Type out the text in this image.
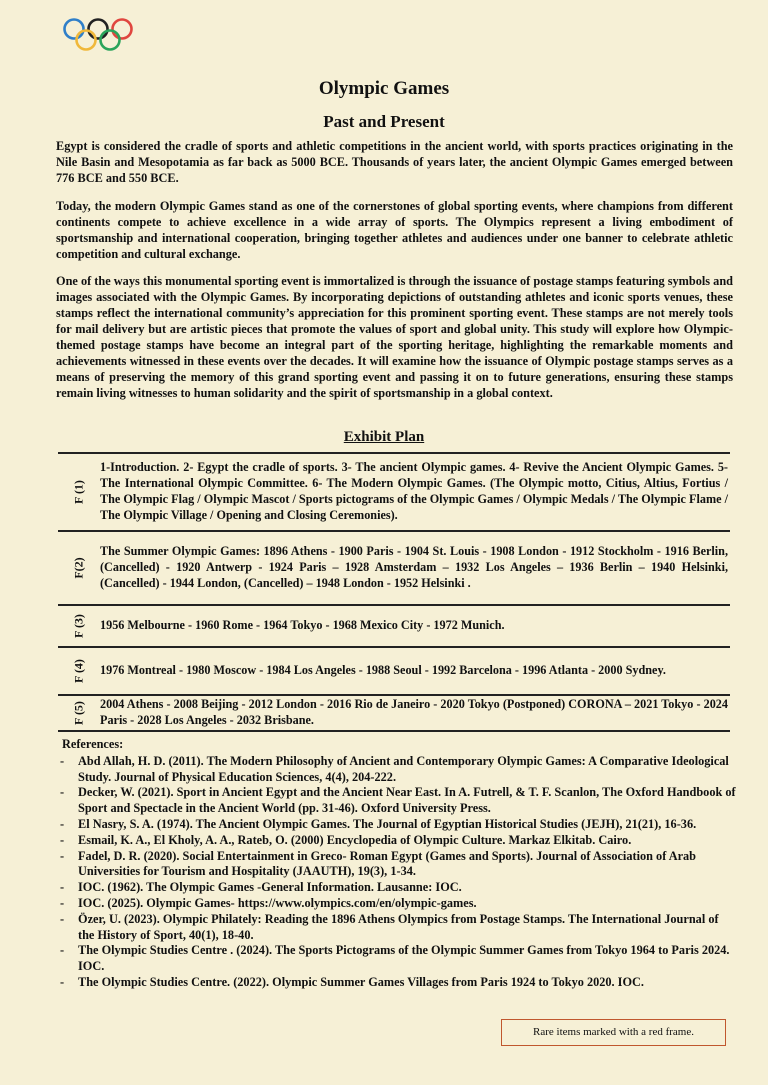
Olympic Games
Past and Present

Egypt is considered the cradle of sports and athletic competitions in the ancient world, with sports practices originating in the Nile Basin and Mesopotamia as far back as 5000 BCE. Thousands of years later, the ancient Olympic Games emerged between 776 BCE and 550 BCE.

Today, the modern Olympic Games stand as one of the cornerstones of global sporting events, where champions from different continents compete to achieve excellence in a wide array of sports. The Olympics represent a living embodiment of sportsmanship and international cooperation, bringing together athletes and audiences under one banner to celebrate athletic competition and cultural exchange.

One of the ways this monumental sporting event is immortalized is through the issuance of postage stamps featuring symbols and images associated with the Olympic Games. By incorporating depictions of outstanding athletes and iconic sports venues, these stamps reflect the international community’s appreciation for this prominent sporting event. These stamps are not merely tools for mail delivery but are artistic pieces that promote the values of sport and global unity. This study will explore how Olympic-themed postage stamps have become an integral part of the sporting heritage, highlighting the remarkable moments and achievements witnessed in these events over the decades. It will examine how the issuance of Olympic postage stamps serves as a means of preserving the memory of this grand sporting event and passing it on to future generations, ensuring these stamps remain living witnesses to human solidarity and the spirit of sportsmanship in a global context.

Exhibit Plan
F (1)
1-Introduction. 2- Egypt the cradle of sports. 3- The ancient Olympic games. 4- Revive the Ancient Olympic Games. 5- The International Olympic Committee. 6- The Modern Olympic Games. (The Olympic motto, Citius, Altius, Fortius / The Olympic Flag / Olympic Mascot / Sports pictograms of the Olympic Games / Olympic Medals / The Olympic Flame / The Olympic Village / Opening and Closing Ceremonies).
F(2)
The Summer Olympic Games: 1896 Athens - 1900 Paris - 1904 St. Louis - 1908 London - 1912 Stockholm - 1916 Berlin, (Cancelled) - 1920 Antwerp - 1924 Paris – 1928 Amsterdam – 1932 Los Angeles – 1936 Berlin – 1940 Helsinki, (Cancelled) - 1944 London, (Cancelled) – 1948 London - 1952 Helsinki .
F (3) 1956 Melbourne - 1960 Rome - 1964 Tokyo - 1968 Mexico City - 1972 Munich.
F (4) 1976 Montreal - 1980 Moscow - 1984 Los Angeles - 1988 Seoul - 1992 Barcelona - 1996 Atlanta - 2000 Sydney.
F (5) 2004 Athens - 2008 Beijing - 2012 London - 2016 Rio de Janeiro - 2020 Tokyo (Postponed) CORONA – 2021 Tokyo - 2024 Paris - 2028 Los Angeles - 2032 Brisbane.
References:
- Abd Allah, H. D. (2011). The Modern Philosophy of Ancient and Contemporary Olympic Games: A Comparative Ideological Study. Journal of Physical Education Sciences, 4(4), 204-222.
- Decker, W. (2021). Sport in Ancient Egypt and the Ancient Near East. In A. Futrell, & T. F. Scanlon, The Oxford Handbook of Sport and Spectacle in the Ancient World (pp. 31-46). Oxford University Press.
- El Nasry, S. A. (1974). The Ancient Olympic Games. The Journal of Egyptian Historical Studies (JEJH), 21(21), 16-36.
- Esmail, K. A., El Kholy, A. A., Rateb, O. (2000) Encyclopedia of Olympic Culture. Markaz Elkitab. Cairo.
- Fadel, D. R. (2020). Social Entertainment in Greco- Roman Egypt (Games and Sports). Journal of Association of Arab Universities for Tourism and Hospitality (JAAUTH), 19(3), 1-34.
- IOC. (1962). The Olympic Games -General Information. Lausanne: IOC.
- IOC. (2025). Olympic Games- https://www.olympics.com/en/olympic-games.
- Özer, U. (2023). Olympic Philately: Reading the 1896 Athens Olympics from Postage Stamps. The International Journal of the History of Sport, 40(1), 18-40.
- The Olympic Studies Centre . (2024). The Sports Pictograms of the Olympic Summer Games from Tokyo 1964 to Paris 2024. IOC.
- The Olympic Studies Centre. (2022). Olympic Summer Games Villages from Paris 1924 to Tokyo 2020. IOC.
Rare items marked with a red frame.
